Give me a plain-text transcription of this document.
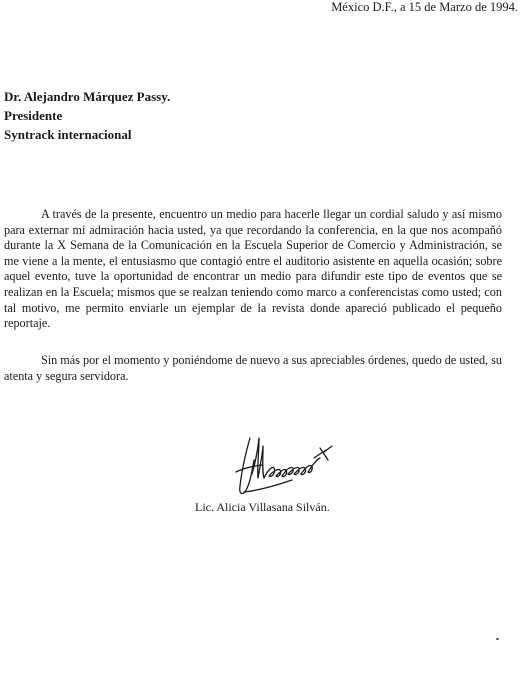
México D.F., a 15 de Marzo de 1994.
Dr. Alejandro Márquez Passy.
Presidente
Syntrack internacional

A través de la presente, encuentro un medio para hacerle llegar un cordial saludo y así mismo para externar mi admiración hacia usted, ya que recordando la conferencia, en la que nos acompañó durante la X Semana de la Comunicación en la Escuela Superior de Comercio y Administración, se me viene a la mente, el entusiasmo que contagió entre el auditorio asistente en aquella ocasión; sobre aquel evento, tuve la oportunidad de encontrar un medio para difundir este tipo de eventos que se realizan en la Escuela; mismos que se realzan teniendo como marco a conferencistas como usted; con tal motivo, me permito enviarle un ejemplar de la revista donde apareció publicado el pequeño reportaje.

Sin más por el momento y poniéndome de nuevo a sus apreciables órdenes, quedo de usted, su atenta y segura servidora.

Lic. Alicia Villasana Silván.
